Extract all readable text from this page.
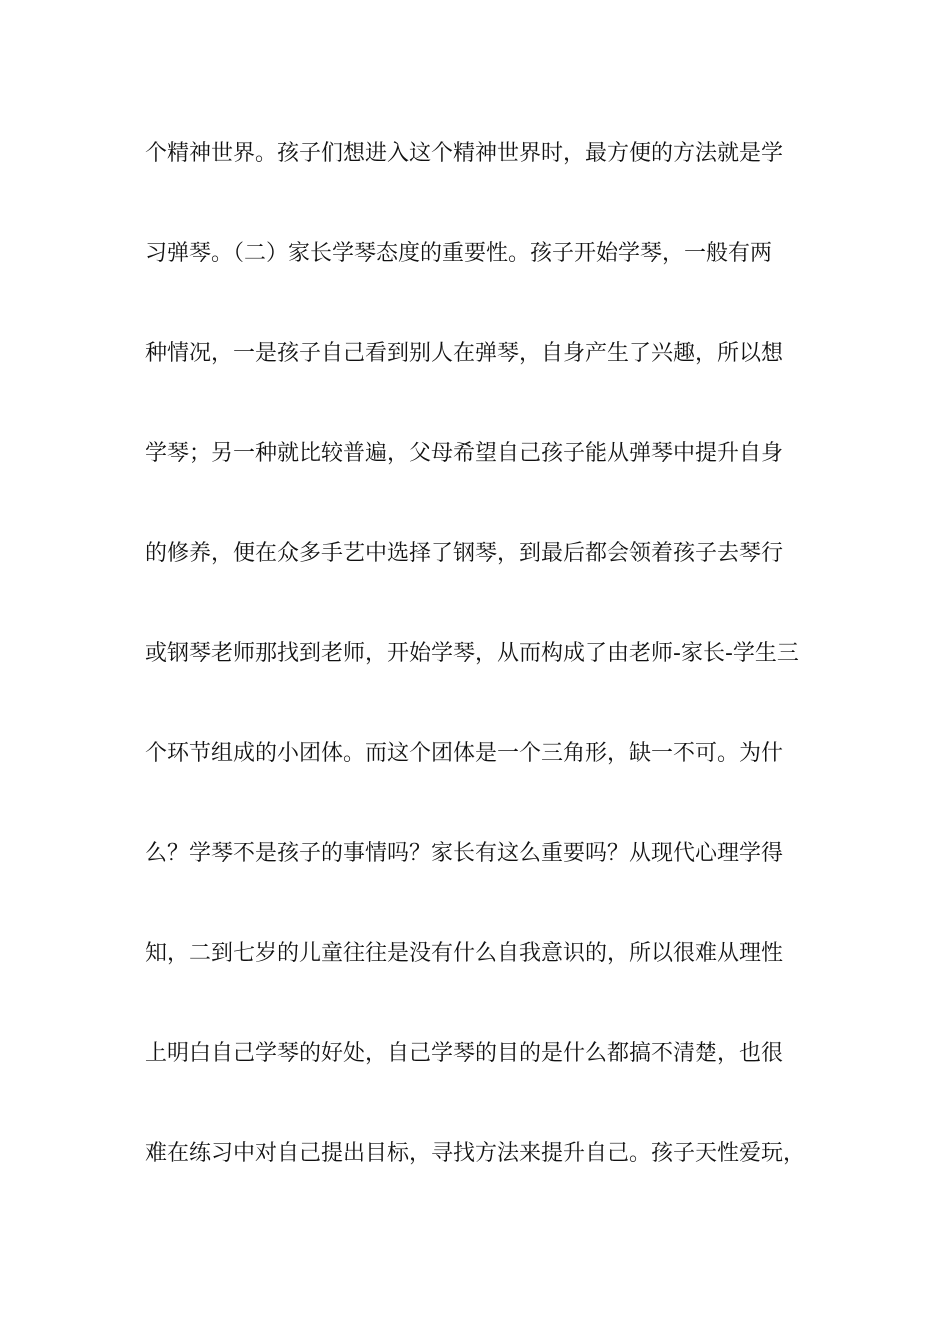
个精神世界。孩子们想进入这个精神世界时，最方便的方法就是学
习弹琴。（二）家长学琴态度的重要性。孩子开始学琴，一般有两
种情况，一是孩子自己看到别人在弹琴，自身产生了兴趣，所以想
学琴；另一种就比较普遍，父母希望自己孩子能从弹琴中提升自身
的修养，便在众多手艺中选择了钢琴，到最后都会领着孩子去琴行
或钢琴老师那找到老师，开始学琴，从而构成了由老师-家长-学生三
个环节组成的小团体。而这个团体是一个三角形，缺一不可。为什
么？学琴不是孩子的事情吗？家长有这么重要吗？从现代心理学得
知，二到七岁的儿童往往是没有什么自我意识的，所以很难从理性
上明白自己学琴的好处，自己学琴的目的是什么都搞不清楚，也很
难在练习中对自己提出目标，寻找方法来提升自己。孩子天性爱玩，
